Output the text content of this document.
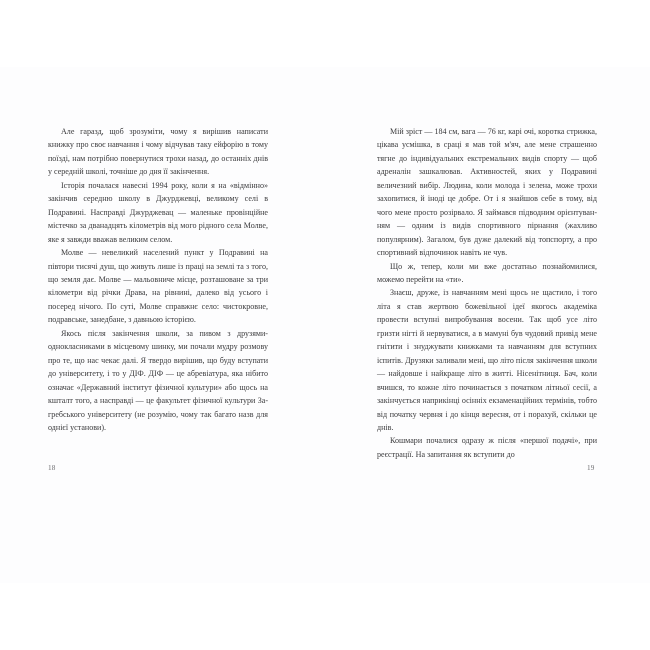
Але гаразд, щоб зрозуміти, чому я вирішив написати книжку про своє навчання і чому відчував таку ейфорію в тому поїзді, нам потрібно повернутися трохи назад, до останніх днів у середній школі, точніше до дня її закінчення.

Історія почалася навесні 1994 року, коли я на «відмінно» закінчив середню школу в Джурджевці, великому селі в Подравині. Насправді Джурджевац — маленьке провінційне містечко за дванадцять кілометрів від мого рідного села Молве, яке я завжди вважав великим селом.

Молве — невеликий населений пункт у Подравині на півтори тисячі душ, що живуть лише із праці на землі та з того, що земля дає. Молве — мальовниче місце, розташоване за три кілометри від річки Драва, на рівнині, далеко від усього і посеред нічого. По суті, Молве справжнє село: чистокровне, подравське, занедбане, з давньою історією.

Якось після закінчення школи, за пивом з друзями-однокласниками в місцевому шинку, ми почали мудру розмову про те, що нас чекає далі. Я твердо вирішив, що буду вступати до університету, і то у ДІФ. ДІФ — це абревіатура, яка нібито означає «Державний інститут фізичної культури» або щось на кшталт того, а насправді — це факультет фізичної культури Загребського університету (не розумію, чому так багато назв для однієї установи).

18

Мій зріст — 184 см, вага — 76 кг, карі очі, коротка стрижка, цікава усмішка, в сраці я мав той м'яч, але мене страшенно тягне до індивідуальних екстремальних видів спорту — щоб адреналін зашкалював. Активностей, яких у Подравині величезний вибір. Людина, коли молода і зелена, може трохи захопитися, й іноді це добре. От і я знайшов себе в тому, від чого мене просто розірвало. Я займався підводним орієнтуванням — одним із видів спортивного пірнання (жахливо популярним). Загалом, був дуже далекий від топспорту, а про спортивний відпочинок навіть не чув.

Що ж, тепер, коли ми вже достатньо познайомилися, можемо перейти на «ти».

Знаєш, друже, із навчанням мені щось не щастило, і того літа я став жертвою божевільної ідеї якогось академіка провести вступні випробування восени. Так щоб усе літо гризти нігті й нервуватися, а в мамуні був чудовий привід мене гнітити і знуджувати книжками та навчанням для вступних іспитів. Друзяки заливали мені, що літо після закінчення школи — найдовше і найкраще літо в житті. Нісенітниця. Бач, коли вчишся, то кожне літо починається з початком літньої сесії, а закінчується наприкінці осінніх екзаменаційних термінів, тобто від початку червня і до кінця вересня, от і порахуй, скільки це днів.

Кошмари почалися одразу ж після «першої подачі», при реєстрації. На запитання як вступити до

19
